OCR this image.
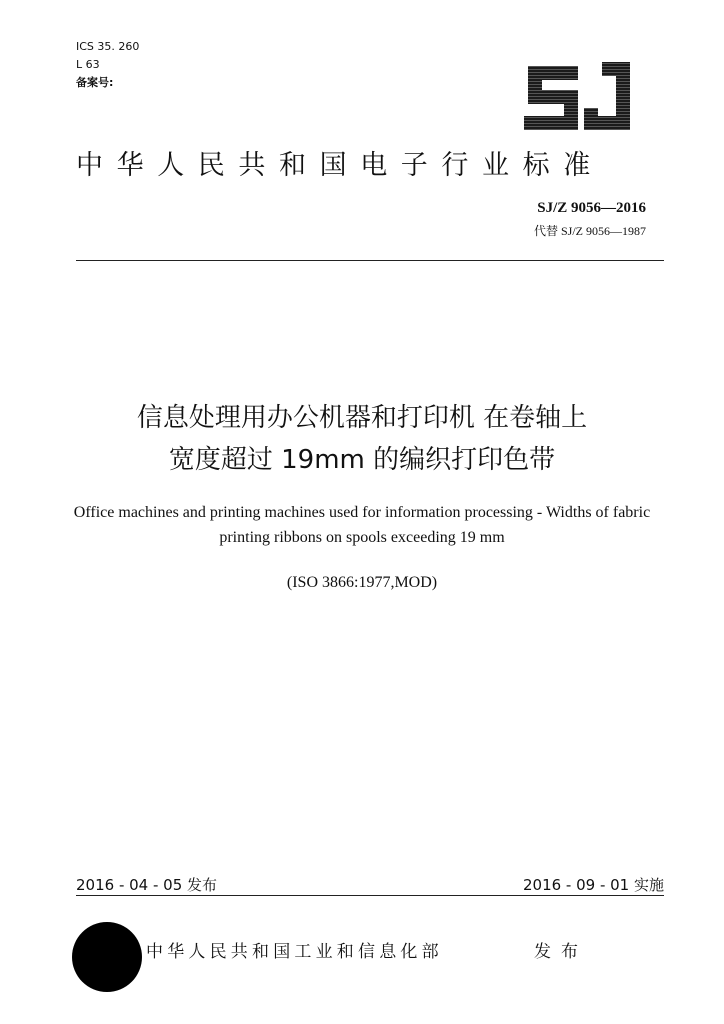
ICS 35. 260
L 63
备案号:
中华人民共和国电子行业标准
SJ/Z 9056—2016
代替 SJ/Z 9056—1987
信息处理用办公机器和打印机 在卷轴上
宽度超过 19mm 的编织打印色带
Office machines and printing machines used for information processing - Widths of fabric printing ribbons on spools exceeding 19 mm
(ISO 3866:1977,MOD)
2016 - 04 - 05 发布	2016 - 09 - 01 实施
中华人民共和国工业和信息化部	发布
